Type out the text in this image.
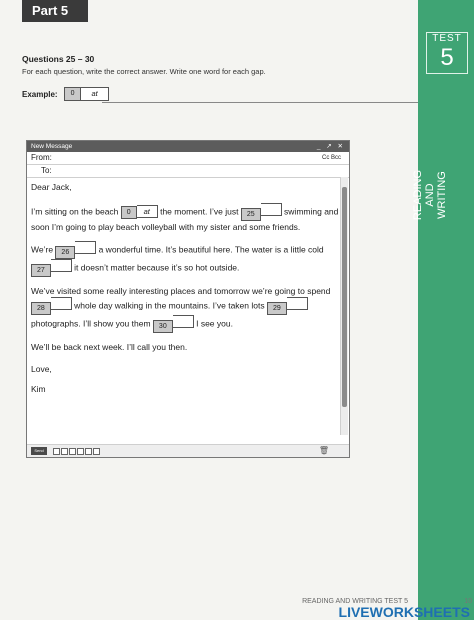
Part 5
Questions 25 – 30
For each question, write the correct answer. Write one word for each gap.
Example:	0	at
TEST
5
READING AND WRITING
New Message	_ ↗ ✕
From:	Cc Bcc
To:

Dear Jack,

I’m sitting on the beach 0 at the moment. I’ve just 25	swimming and soon I’m going to play beach volleyball with my sister and some friends.

We’re 26	a wonderful time. It’s beautiful here. The water is a little cold 27	it doesn’t matter because it’s so hot outside.

We’ve visited some really interesting places and tomorrow we’re going to spend 28	whole day walking in the mountains. I’ve taken lots 29 photographs. I’ll show you them 30	I see you.

We’ll be back next week. I’ll call you then.

Love,

Kim

Send	🗑
READING AND WRITING TEST 5	10
LIVEWORKSHEETS
